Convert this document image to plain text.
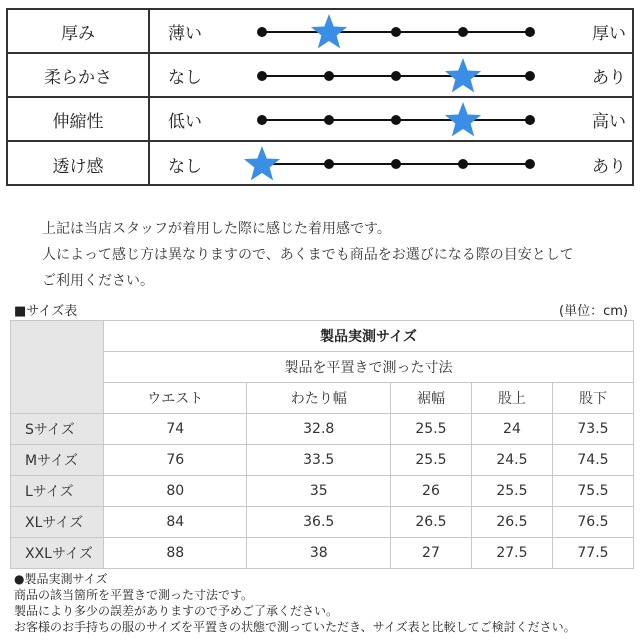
厚み	薄い	厚い
柔らかさ	なし	あり
伸縮性	低い	高い
透け感	なし	あり
上記は当店スタッフが着用した際に感じた着用感です。
人によって感じ方は異なりますので、あくまでも商品をお選びになる際の目安として
ご利用ください。
■サイズ表	(単位：cm)
	製品実測サイズ				
	製品を平置きで測った寸法				
	ウエスト	わたり幅	裾幅	股上	股下
Sサイズ	74	32.8	25.5	24	73.5
Mサイズ	76	33.5	25.5	24.5	74.5
Lサイズ	80	35	26	25.5	75.5
XLサイズ	84	36.5	26.5	26.5	76.5
XXLサイズ	88	38	27	27.5	77.5
●製品実測サイズ
商品の該当箇所を平置きで測った寸法です。
製品により多少の誤差がありますので予めご了承ください。
お客様のお手持ちの服のサイズを平置きの状態で測っていただき、サイズ表と比較してご検討ください。
